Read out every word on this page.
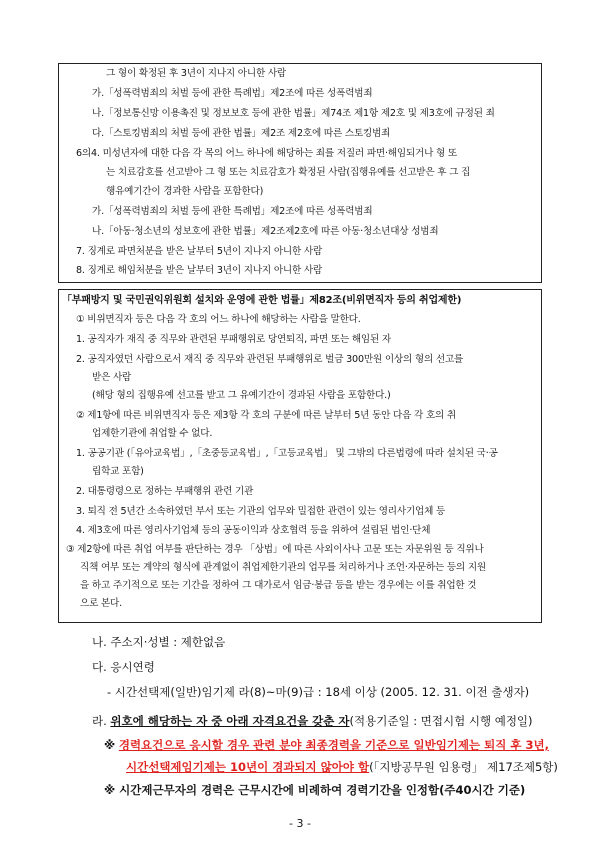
그 형이 확정된 후 3년이 지나지 아니한 사람
가.「성폭력범죄의 처벌 등에 관한 특례법」제2조에 따른 성폭력범죄
나.「정보통신망 이용촉진 및 정보보호 등에 관한 법률」제74조 제1항 제2호 및 제3호에 규정된 죄
다.「스토킹범죄의 처벌 등에 관한 법률」제2조 제2호에 따른 스토킹범죄
6의4. 미성년자에 대한 다음 각 목의 어느 하나에 해당하는 죄를 저질러 파면·해임되거나 형 또
는 치료감호를 선고받아 그 형 또는 치료감호가 확정된 사람(집행유예를 선고받은 후 그 집
행유예기간이 경과한 사람을 포함한다)
가.「성폭력범죄의 처벌 등에 관한 특례법」제2조에 따른 성폭력범죄
나.「아동·청소년의 성보호에 관한 법률」제2조제2호에 따른 아동·청소년대상 성범죄
7. 징계로 파면처분을 받은 날부터 5년이 지나지 아니한 사람
8. 징계로 해임처분을 받은 날부터 3년이 지나지 아니한 사람
「부패방지 및 국민권익위원회 설치와 운영에 관한 법률」제82조(비위면직자 등의 취업제한)
① 비위면직자 등은 다음 각 호의 어느 하나에 해당하는 사람을 말한다.
1. 공직자가 재직 중 직무와 관련된 부패행위로 당연퇴직, 파면 또는 해임된 자
2. 공직자였던 사람으로서 재직 중 직무와 관련된 부패행위로 벌금 300만원 이상의 형의 선고를
받은 사람
(해당 형의 집행유예 선고를 받고 그 유예기간이 경과된 사람을 포함한다.)
② 제1항에 따른 비위면직자 등은 제3항 각 호의 구분에 따른 날부터 5년 동안 다음 각 호의 취
업제한기관에 취업할 수 없다.
1. 공공기관 (「유아교육법」,「초중등교육법」,「고등교육법」 및 그밖의 다른법령에 따라 설치된 국·공
립학교 포함)
2. 대통령령으로 정하는 부패행위 관련 기관
3. 퇴직 전 5년간 소속하였던 부서 또는 기관의 업무와 밀접한 관련이 있는 영리사기업체 등
4. 제3호에 따른 영리사기업체 등의 공동이익과 상호협력 등을 위하여 설립된 법인·단체
③ 제2항에 따른 취업 여부를 판단하는 경우 「상법」에 따른 사외이사나 고문 또는 자문위원 등 직위나
직책 여부 또는 계약의 형식에 관계없이 취업제한기관의 업무를 처리하거나 조언·자문하는 등의 지원
을 하고 주기적으로 또는 기간을 정하여 그 대가로서 임금·봉급 등을 받는 경우에는 이를 취업한 것
으로 본다.
나. 주소지·성별 : 제한없음
다. 응시연령
- 시간선택제(일반)임기제 라(8)~마(9)급 : 18세 이상 (2005. 12. 31. 이전 출생자)
라. 위호에 해당하는 자 중 아래 자격요건을 갖춘 자(적용기준일 : 면접시험 시행 예정일)
※ 경력요건으로 응시할 경우 관련 분야 최종경력을 기준으로 일반임기제는 퇴직 후 3년,
시간선택제임기제는 10년이 경과되지 않아야 함(「지방공무원 임용령」 제17조제5항)
※ 시간제근무자의 경력은 근무시간에 비례하여 경력기간을 인정함(주40시간 기준)
- 3 -
